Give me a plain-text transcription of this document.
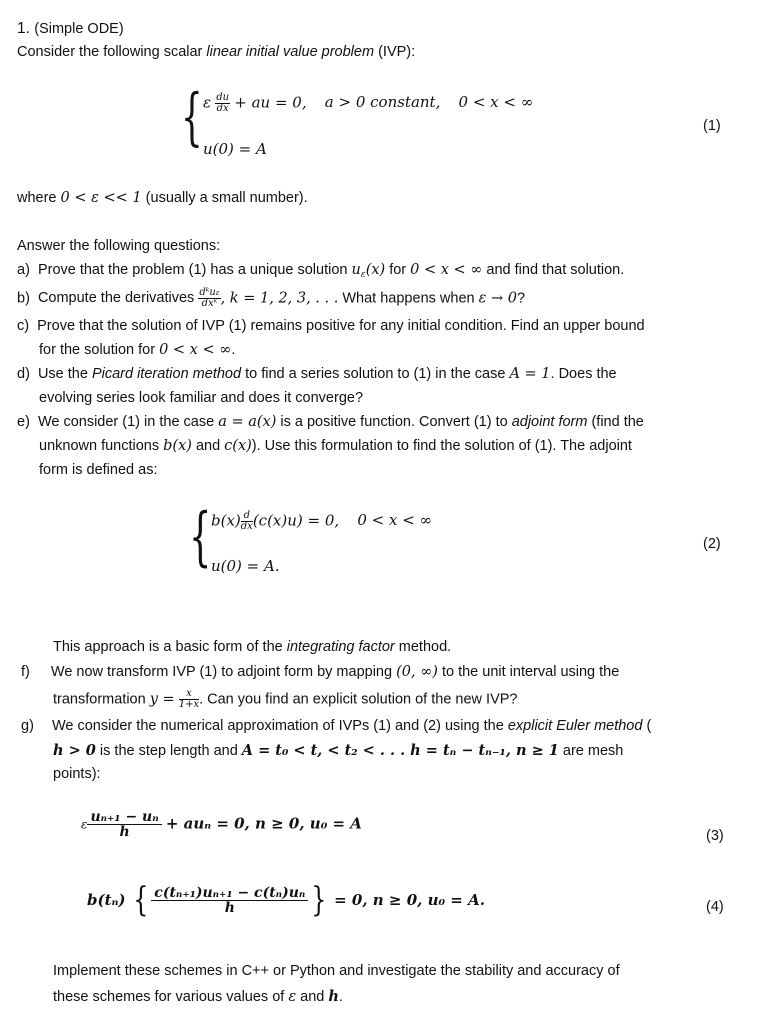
1. (Simple ODE)
Consider the following scalar linear initial value problem (IVP):
{ ε $\frac{du}{dx}$ + au = 0, a > 0 constant, 0 < x < ∞
u(0) = A
(1)
where 0 < ε << 1 (usually a small number).
Answer the following questions:
a) Prove that the problem (1) has a unique solution $u_\varepsilon(x)$ for 0 < x < ∞ and find that solution.
b) Compute the derivatives $\frac{\text{dᵏuε}}{\text{dxᵏ}}$ , k = 1, 2, 3, . . . What happens when ε → 0?
c) Prove that the solution of IVP (1) remains positive for any initial condition. Find an upper bound
for the solution for 0 < x < ∞.
d) Use the Picard iteration method to find a series solution to (1) in the case A = 1. Does the
evolving series look familiar and does it converge?
e) We consider (1) in the case a = a(x) is a positive function. Convert (1) to adjoint form (find the
unknown functions b(x) and c(x)). Use this formulation to find the solution of (1). The adjoint
form is defined as:
{ $b(x) \frac{d}{dx} (c(x)u) = 0$, 0 < x < ∞
u(0) = A.
(2)
This approach is a basic form of the integrating factor method.
f) We now transform IVP (1) to adjoint form by mapping (0, ∞) to the unit interval using the
transformation $y = \frac{x}{1+x}$ . Can you find an explicit solution of the new IVP?
g) We consider the numerical approximation of IVPs (1) and (2) using the explicit Euler method (
h > 0 is the step length and A = t₀ < t, < t₂ < . . . h = tₙ − tₙ₋₁, n ≥ 1 are mesh
points):
ε $\frac{\text{uₙ₊₁ − uₙ}}{h} + au_n = 0$, n ≥ 0, u₀ = A
(3)
b(tₙ) { $\frac{\text{c(tₙ₊₁)uₙ₊₁ − c(tₙ)uₙ}}{h}$ } = 0, n ≥ 0, u₀ = A.	(4)
Implement these schemes in C++ or Python and investigate the stability and accuracy of
these schemes for various values of ε and h.
